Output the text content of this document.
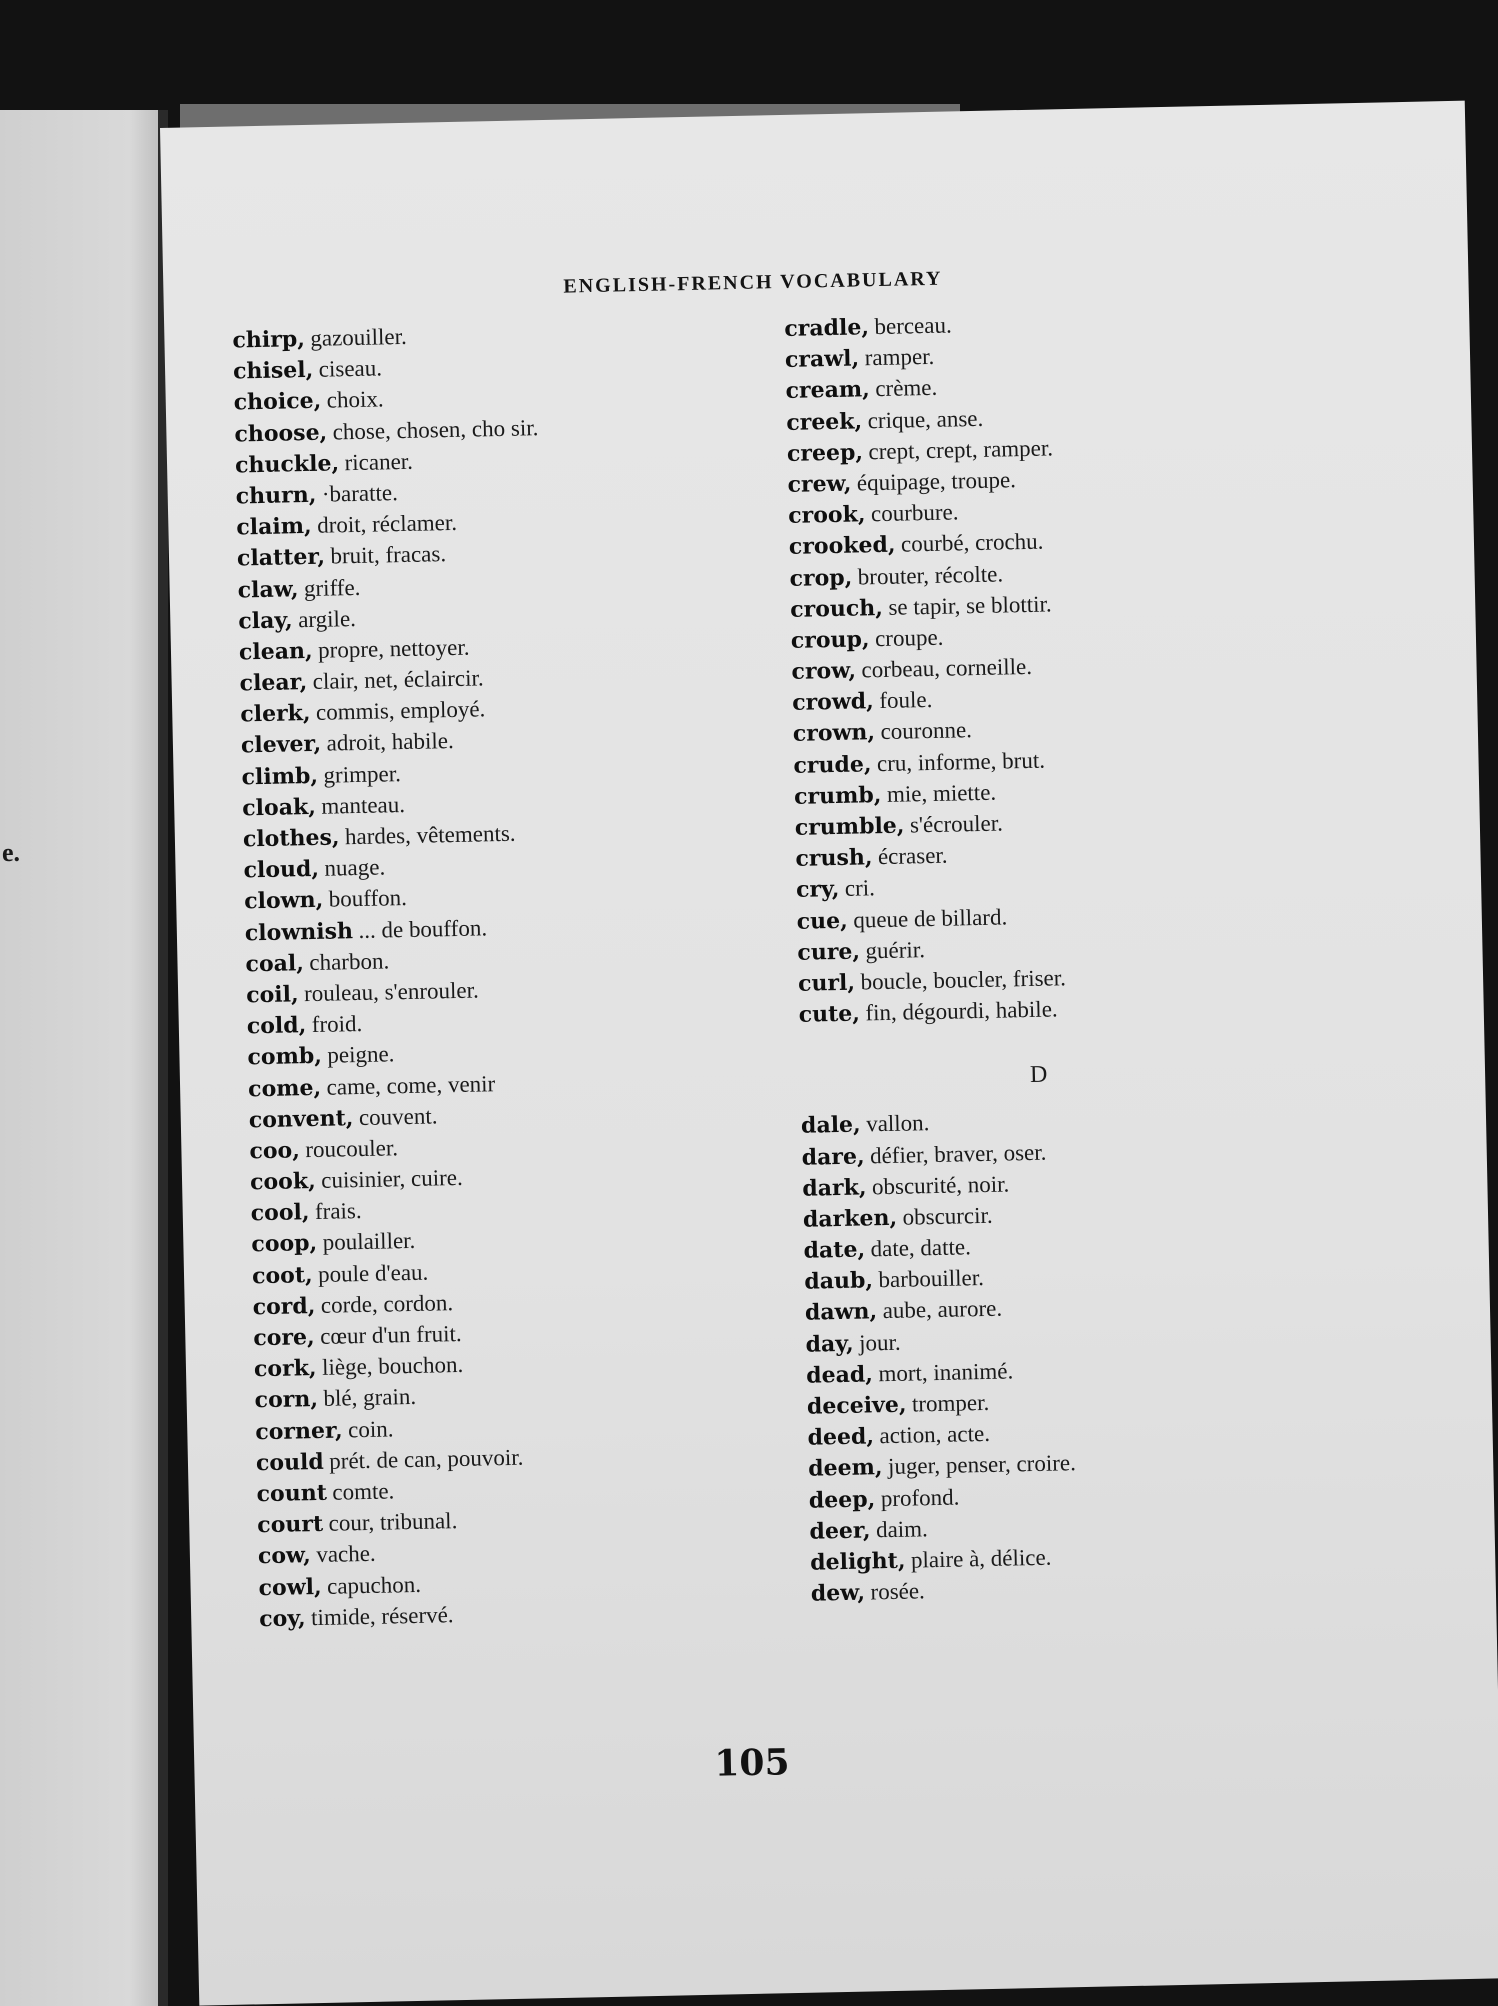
e.
ENGLISH-FRENCH VOCABULARY
chirp, gazouiller.
chisel, ciseau.
choice, choix.
choose, chose, chosen, cho sir.
chuckle, ricaner.
churn, ·baratte.
claim, droit, réclamer.
clatter, bruit, fracas.
claw, griffe.
clay, argile.
clean, propre, nettoyer.
clear, clair, net, éclaircir.
clerk, commis, employé.
clever, adroit, habile.
climb, grimper.
cloak, manteau.
clothes, hardes, vêtements.
cloud, nuage.
clown, bouffon.
clownish ... de bouffon.
coal, charbon.
coil, rouleau, s'enrouler.
cold, froid.
comb, peigne.
come, came, come, venir
convent, couvent.
coo, roucouler.
cook, cuisinier, cuire.
cool, frais.
coop, poulailler.
coot, poule d'eau.
cord, corde, cordon.
core, cœur d'un fruit.
cork, liège, bouchon.
corn, blé, grain.
corner, coin.
could prét. de can, pouvoir.
count comte.
court cour, tribunal.
cow, vache.
cowl, capuchon.
coy, timide, réservé.
cradle, berceau.
crawl, ramper.
cream, crème.
creek, crique, anse.
creep, crept, crept, ramper.
crew, équipage, troupe.
crook, courbure.
crooked, courbé, crochu.
crop, brouter, récolte.
crouch, se tapir, se blottir.
croup, croupe.
crow, corbeau, corneille.
crowd, foule.
crown, couronne.
crude, cru, informe, brut.
crumb, mie, miette.
crumble, s'écrouler.
crush, écraser.
cry, cri.
cue, queue de billard.
cure, guérir.
curl, boucle, boucler, friser.
cute, fin, dégourdi, habile.
D
dale, vallon.
dare, défier, braver, oser.
dark, obscurité, noir.
darken, obscurcir.
date, date, datte.
daub, barbouiller.
dawn, aube, aurore.
day, jour.
dead, mort, inanimé.
deceive, tromper.
deed, action, acte.
deem, juger, penser, croire.
deep, profond.
deer, daim.
delight, plaire à, délice.
dew, rosée.
105
